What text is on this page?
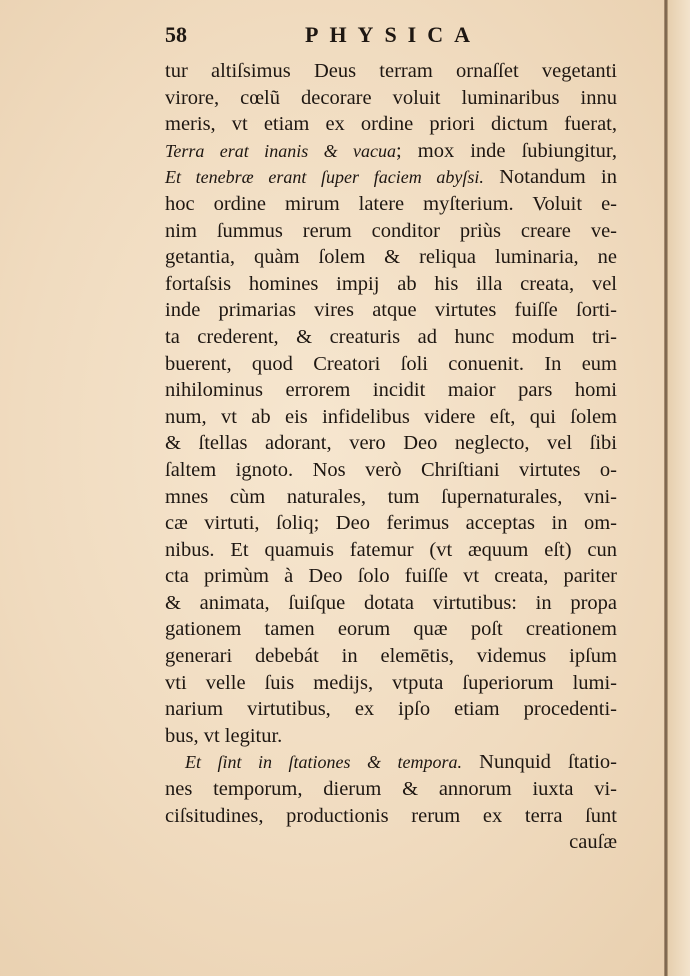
58	PHYSICA
tur altiſsimus Deus terram ornaſſet vegetanti
virore, cœlũ decorare voluit luminaribus innu
meris, vt etiam ex ordine priori dictum fuerat,
Terra erat inanis & vacua; mox inde ſubiungitur,
Et tenebræ erant ſuper faciem abyſsi. Notandum in
hoc ordine mirum latere myſterium. Voluit e-
nim ſummus rerum conditor priùs creare ve-
getantia, quàm ſolem & reliqua luminaria, ne
fortaſsis homines impij ab his illa creata, vel
inde primarias vires atque virtutes fuiſſe ſorti-
ta crederent, & creaturis ad hunc modum tri-
buerent, quod Creatori ſoli conuenit. In eum
nihilominus errorem incidit maior pars homi
num, vt ab eis infidelibus videre eſt, qui ſolem
& ſtellas adorant, vero Deo neglecto, vel ſibi
ſaltem ignoto. Nos verò Chriſtiani virtutes o-
mnes cùm naturales, tum ſupernaturales, vni-
cæ virtuti, ſoliq; Deo ferimus acceptas in om-
nibus. Et quamuis fatemur (vt æquum eſt) cun
cta primùm à Deo ſolo fuiſſe vt creata, pariter
& animata, ſuiſque dotata virtutibus: in propa
gationem tamen eorum quæ poſt creationem
generari debebát in elemētis, videmus ipſum
vti velle ſuis medijs, vtputa ſuperiorum lumi-
narium virtutibus, ex ipſo etiam procedenti-
bus, vt legitur.
Et ſint in ſtationes & tempora. Nunquid ſtatio-
nes temporum, dierum & annorum iuxta vi-
ciſsitudines, productionis rerum ex terra ſunt
cauſæ
